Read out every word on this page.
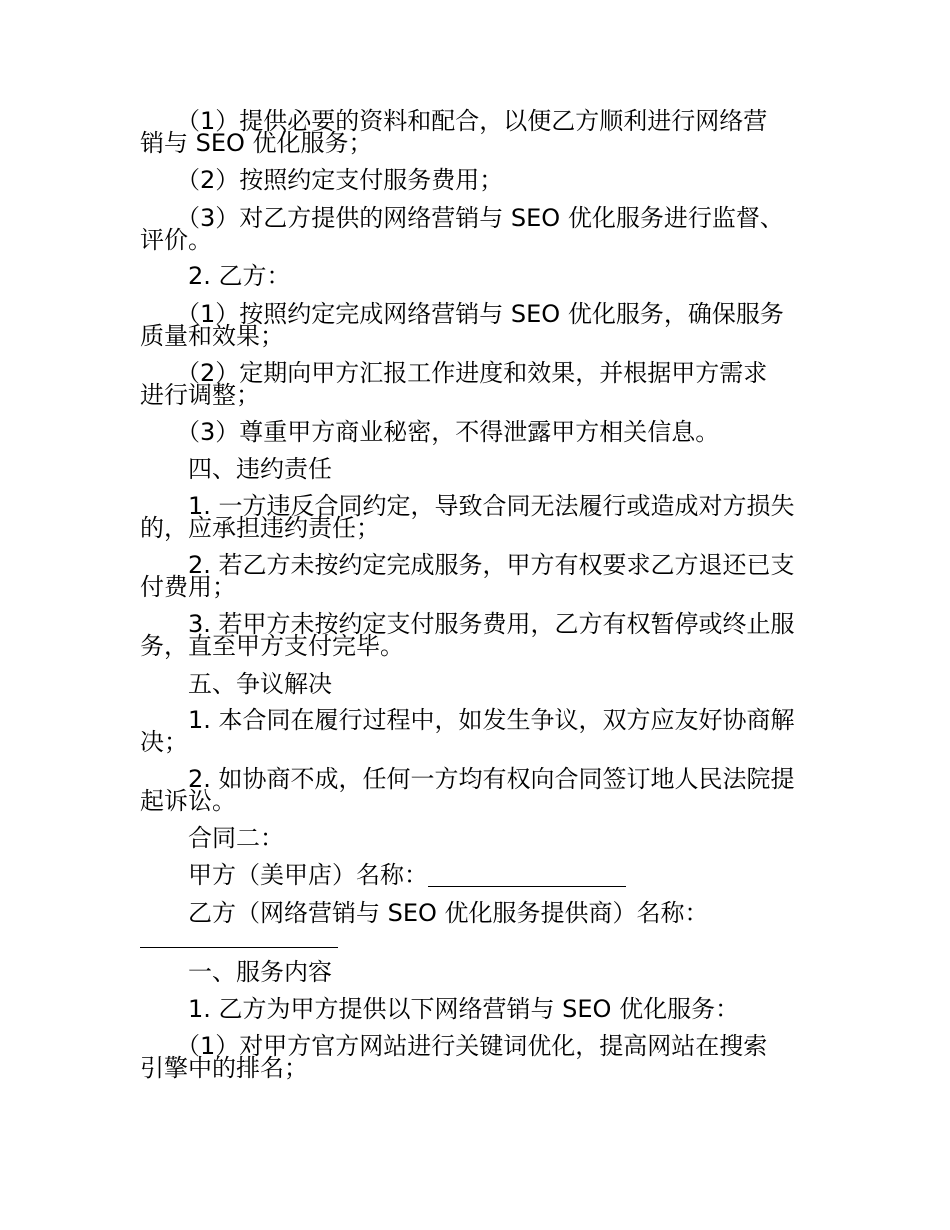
　　（1）提供必要的资料和配合，以便乙方顺利进行网络营
销与 SEO 优化服务；
　　（2）按照约定支付服务费用；
　　（3）对乙方提供的网络营销与 SEO 优化服务进行监督、
评价。
　　2. 乙方：
　　（1）按照约定完成网络营销与 SEO 优化服务，确保服务
质量和效果；
　　（2）定期向甲方汇报工作进度和效果，并根据甲方需求
进行调整；
　　（3）尊重甲方商业秘密，不得泄露甲方相关信息。
　　四、违约责任
　　1. 一方违反合同约定，导致合同无法履行或造成对方损失
的，应承担违约责任；
　　2. 若乙方未按约定完成服务，甲方有权要求乙方退还已支
付费用；
　　3. 若甲方未按约定支付服务费用，乙方有权暂停或终止服
务，直至甲方支付完毕。
　　五、争议解决
　　1. 本合同在履行过程中，如发生争议，双方应友好协商解
决；
　　2. 如协商不成，任何一方均有权向合同签订地人民法院提
起诉讼。
　　合同二：
　　甲方（美甲店）名称：
　　乙方（网络营销与 SEO 优化服务提供商）名称：
　　一、服务内容
　　1. 乙方为甲方提供以下网络营销与 SEO 优化服务：
　　（1）对甲方官方网站进行关键词优化，提高网站在搜索
引擎中的排名；
